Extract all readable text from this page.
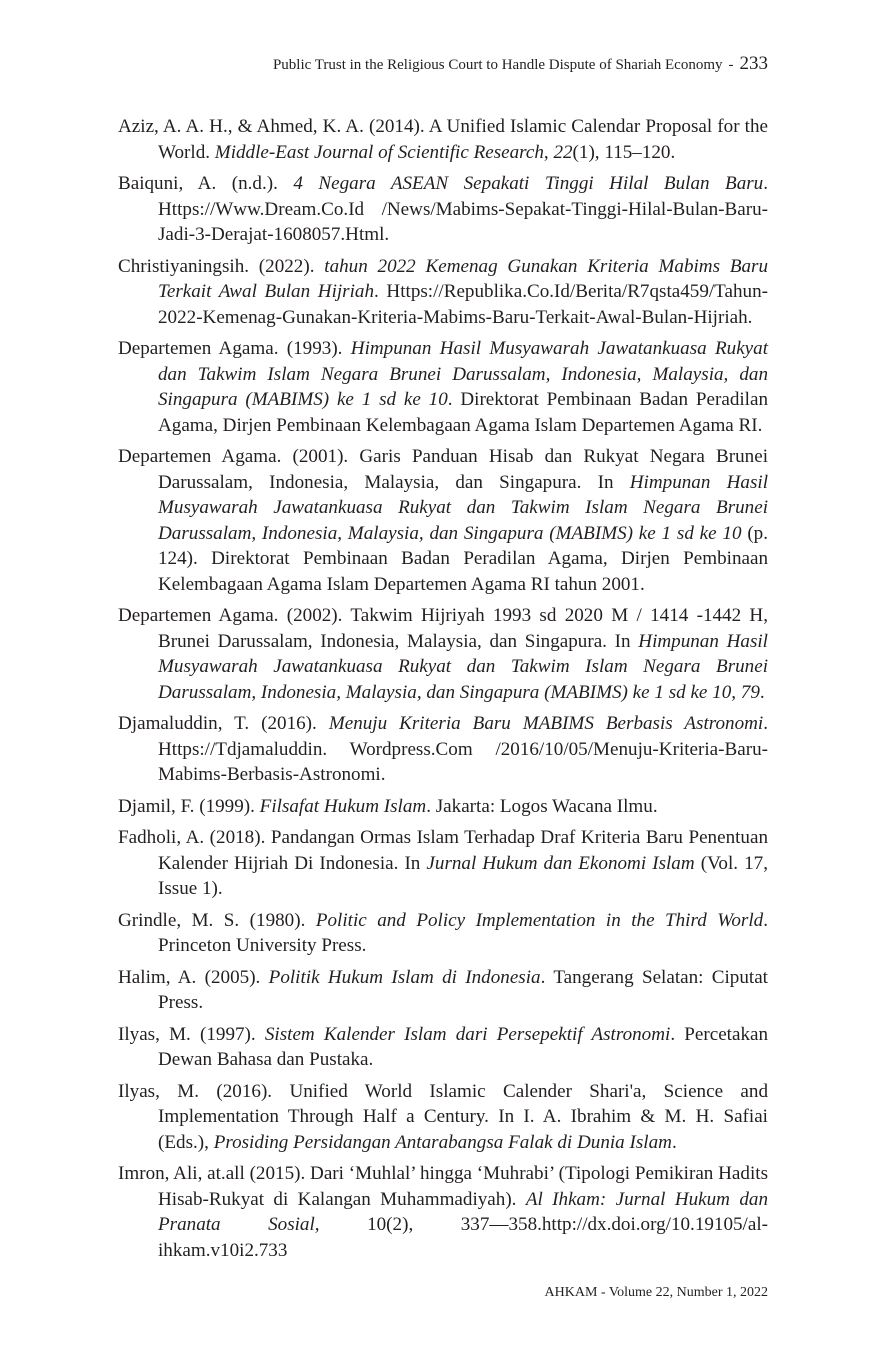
Public Trust in the Religious Court to Handle Dispute of Shariah Economy - 233

Aziz, A. A. H., & Ahmed, K. A. (2014). A Unified Islamic Calendar Proposal for the World. Middle-East Journal of Scientific Research, 22(1), 115–120.

Baiquni, A. (n.d.). 4 Negara ASEAN Sepakati Tinggi Hilal Bulan Baru. Https://Www.Dream.Co.Id /News/Mabims-Sepakat-Tinggi-Hilal-Bulan-Baru-Jadi-3-Derajat-1608057.Html.

Christiyaningsih. (2022). tahun 2022 Kemenag Gunakan Kriteria Mabims Baru Terkait Awal Bulan Hijriah. Https://Republika.Co.Id/Berita/R7qsta459/Tahun-2022-Kemenag-Gunakan-Kriteria-Mabims-Baru-Terkait-Awal-Bulan-Hijriah.

Departemen Agama. (1993). Himpunan Hasil Musyawarah Jawatankuasa Rukyat dan Takwim Islam Negara Brunei Darussalam, Indonesia, Malaysia, dan Singapura (MABIMS) ke 1 sd ke 10. Direktorat Pembinaan Badan Peradilan Agama, Dirjen Pembinaan Kelembagaan Agama Islam Departemen Agama RI.

Departemen Agama. (2001). Garis Panduan Hisab dan Rukyat Negara Brunei Darussalam, Indonesia, Malaysia, dan Singapura. In Himpunan Hasil Musyawarah Jawatankuasa Rukyat dan Takwim Islam Negara Brunei Darussalam, Indonesia, Malaysia, dan Singapura (MABIMS) ke 1 sd ke 10 (p. 124). Direktorat Pembinaan Badan Peradilan Agama, Dirjen Pembinaan Kelembagaan Agama Islam Departemen Agama RI tahun 2001.

Departemen Agama. (2002). Takwim Hijriyah 1993 sd 2020 M / 1414 -1442 H, Brunei Darussalam, Indonesia, Malaysia, dan Singapura. In Himpunan Hasil Musyawarah Jawatankuasa Rukyat dan Takwim Islam Negara Brunei Darussalam, Indonesia, Malaysia, dan Singapura (MABIMS) ke 1 sd ke 10, 79.

Djamaluddin, T. (2016). Menuju Kriteria Baru MABIMS Berbasis Astronomi. Https://Tdjamaluddin. Wordpress.Com /2016/10/05/Menuju-Kriteria-Baru-Mabims-Berbasis-Astronomi.

Djamil, F. (1999). Filsafat Hukum Islam. Jakarta: Logos Wacana Ilmu.

Fadholi, A. (2018). Pandangan Ormas Islam Terhadap Draf Kriteria Baru Penentuan Kalender Hijriah Di Indonesia. In Jurnal Hukum dan Ekonomi Islam (Vol. 17, Issue 1).

Grindle, M. S. (1980). Politic and Policy Implementation in the Third World. Princeton University Press.

Halim, A. (2005). Politik Hukum Islam di Indonesia. Tangerang Selatan: Ciputat Press.

Ilyas, M. (1997). Sistem Kalender Islam dari Persepektif Astronomi. Percetakan Dewan Bahasa dan Pustaka.

Ilyas, M. (2016). Unified World Islamic Calender Shari'a, Science and Implementation Through Half a Century. In I. A. Ibrahim & M. H. Safiai (Eds.), Prosiding Persidangan Antarabangsa Falak di Dunia Islam.

Imron, Ali, at.all (2015). Dari ‘Muhlal’ hingga ‘Muhrabi’ (Tipologi Pemikiran Hadits Hisab-Rukyat di Kalangan Muhammadiyah). Al Ihkam: Jurnal Hukum dan Pranata Sosial, 10(2), 337—358.http://dx.doi.org/10.19105/al-ihkam.v10i2.733

AHKAM - Volume 22, Number 1, 2022
